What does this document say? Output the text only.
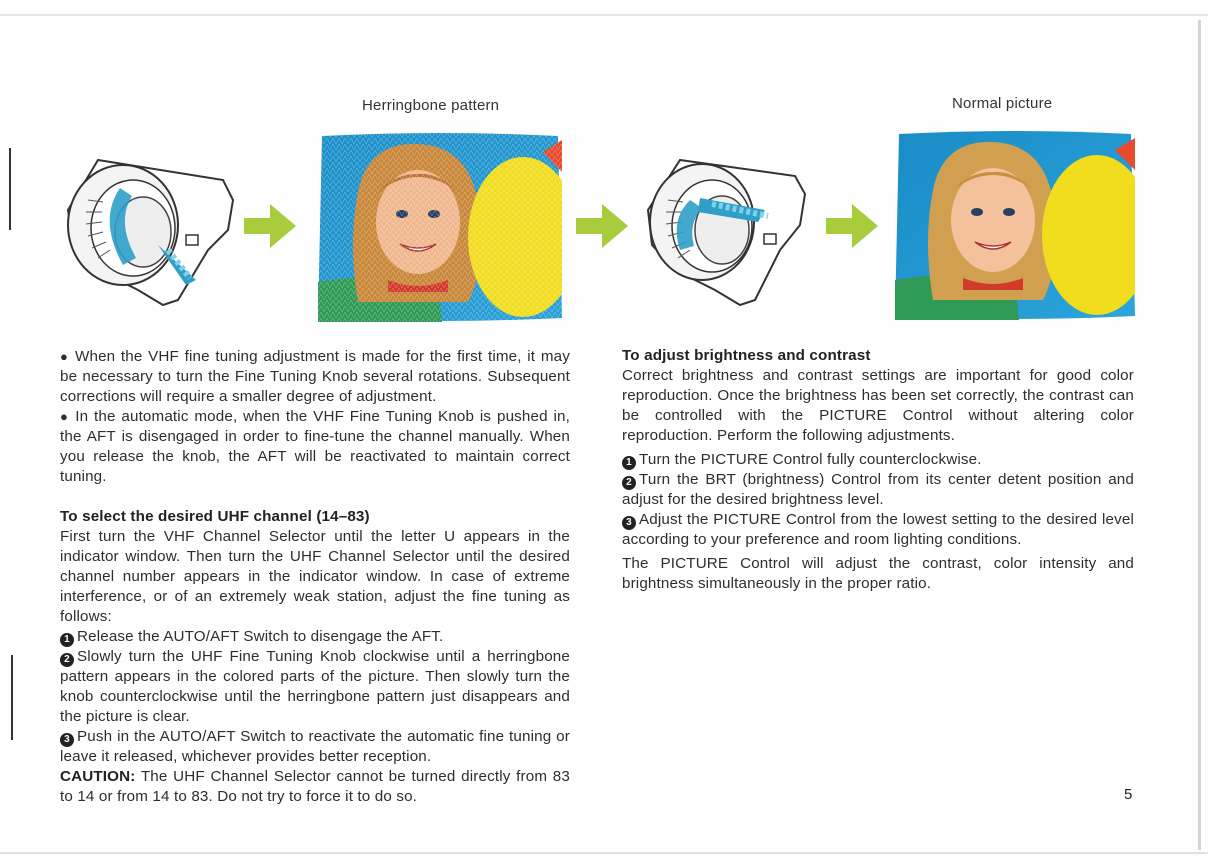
Herringbone pattern	Normal picture

● When the VHF fine tuning adjustment is made for the first time, it may be necessary to turn the Fine Tuning Knob several rotations. Subsequent corrections will require a smaller degree of adjustment.

● In the automatic mode, when the VHF Fine Tuning Knob is pushed in, the AFT is disengaged in order to fine-tune the channel manually. When you release the knob, the AFT will be reactivated to maintain correct tuning.

To select the desired UHF channel (14–83)

First turn the VHF Channel Selector until the letter U appears in the indicator window. Then turn the UHF Channel Selector until the desired channel number appears in the indicator window. In case of extreme interference, or of an extremely weak station, adjust the fine tuning as follows:

1 Release the AUTO/AFT Switch to disengage the AFT.

2 Slowly turn the UHF Fine Tuning Knob clockwise until a herringbone pattern appears in the colored parts of the picture. Then slowly turn the knob counterclockwise until the herringbone pattern just disappears and the picture is clear.

3 Push in the AUTO/AFT Switch to reactivate the automatic fine tuning or leave it released, whichever provides better reception.

CAUTION: The UHF Channel Selector cannot be turned directly from 83 to 14 or from 14 to 83. Do not try to force it to do so.

To adjust brightness and contrast

Correct brightness and contrast settings are important for good color reproduction. Once the brightness has been set correctly, the contrast can be controlled with the PICTURE Control without altering color reproduction. Perform the following adjustments.

1 Turn the PICTURE Control fully counterclockwise.

2 Turn the BRT (brightness) Control from its center detent position and adjust for the desired brightness level.

3 Adjust the PICTURE Control from the lowest setting to the desired level according to your preference and room lighting conditions.

The PICTURE Control will adjust the contrast, color intensity and brightness simultaneously in the proper ratio.

5
